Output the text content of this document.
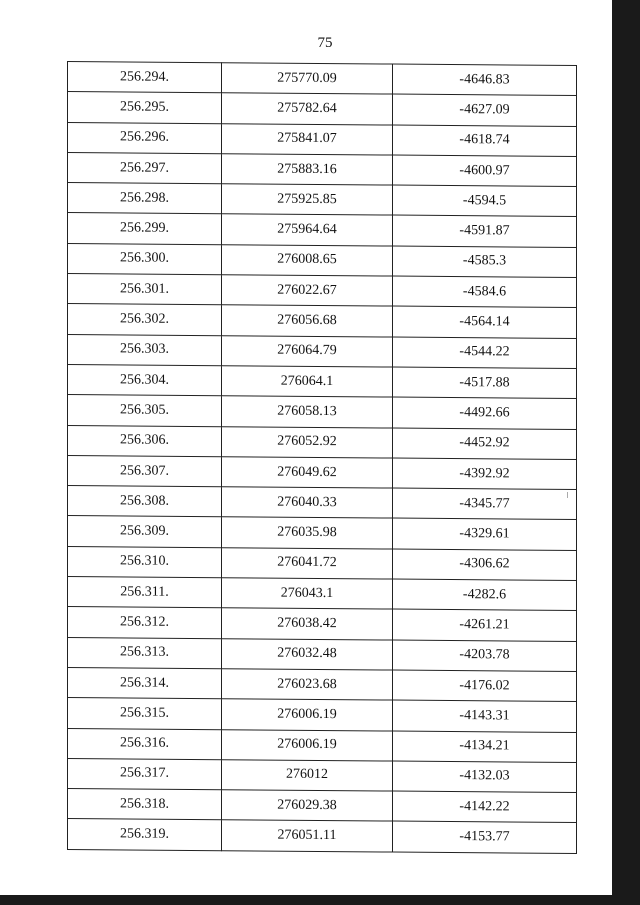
75
256.294.	275770.09	-4646.83
256.295.	275782.64	-4627.09
256.296.	275841.07	-4618.74
256.297.	275883.16	-4600.97
256.298.	275925.85	-4594.5
256.299.	275964.64	-4591.87
256.300.	276008.65	-4585.3
256.301.	276022.67	-4584.6
256.302.	276056.68	-4564.14
256.303.	276064.79	-4544.22
256.304.	276064.1	-4517.88
256.305.	276058.13	-4492.66
256.306.	276052.92	-4452.92
256.307.	276049.62	-4392.92
256.308.	276040.33	-4345.77
256.309.	276035.98	-4329.61
256.310.	276041.72	-4306.62
256.311.	276043.1	-4282.6
256.312.	276038.42	-4261.21
256.313.	276032.48	-4203.78
256.314.	276023.68	-4176.02
256.315.	276006.19	-4143.31
256.316.	276006.19	-4134.21
256.317.	276012	-4132.03
256.318.	276029.38	-4142.22
256.319.	276051.11	-4153.77
